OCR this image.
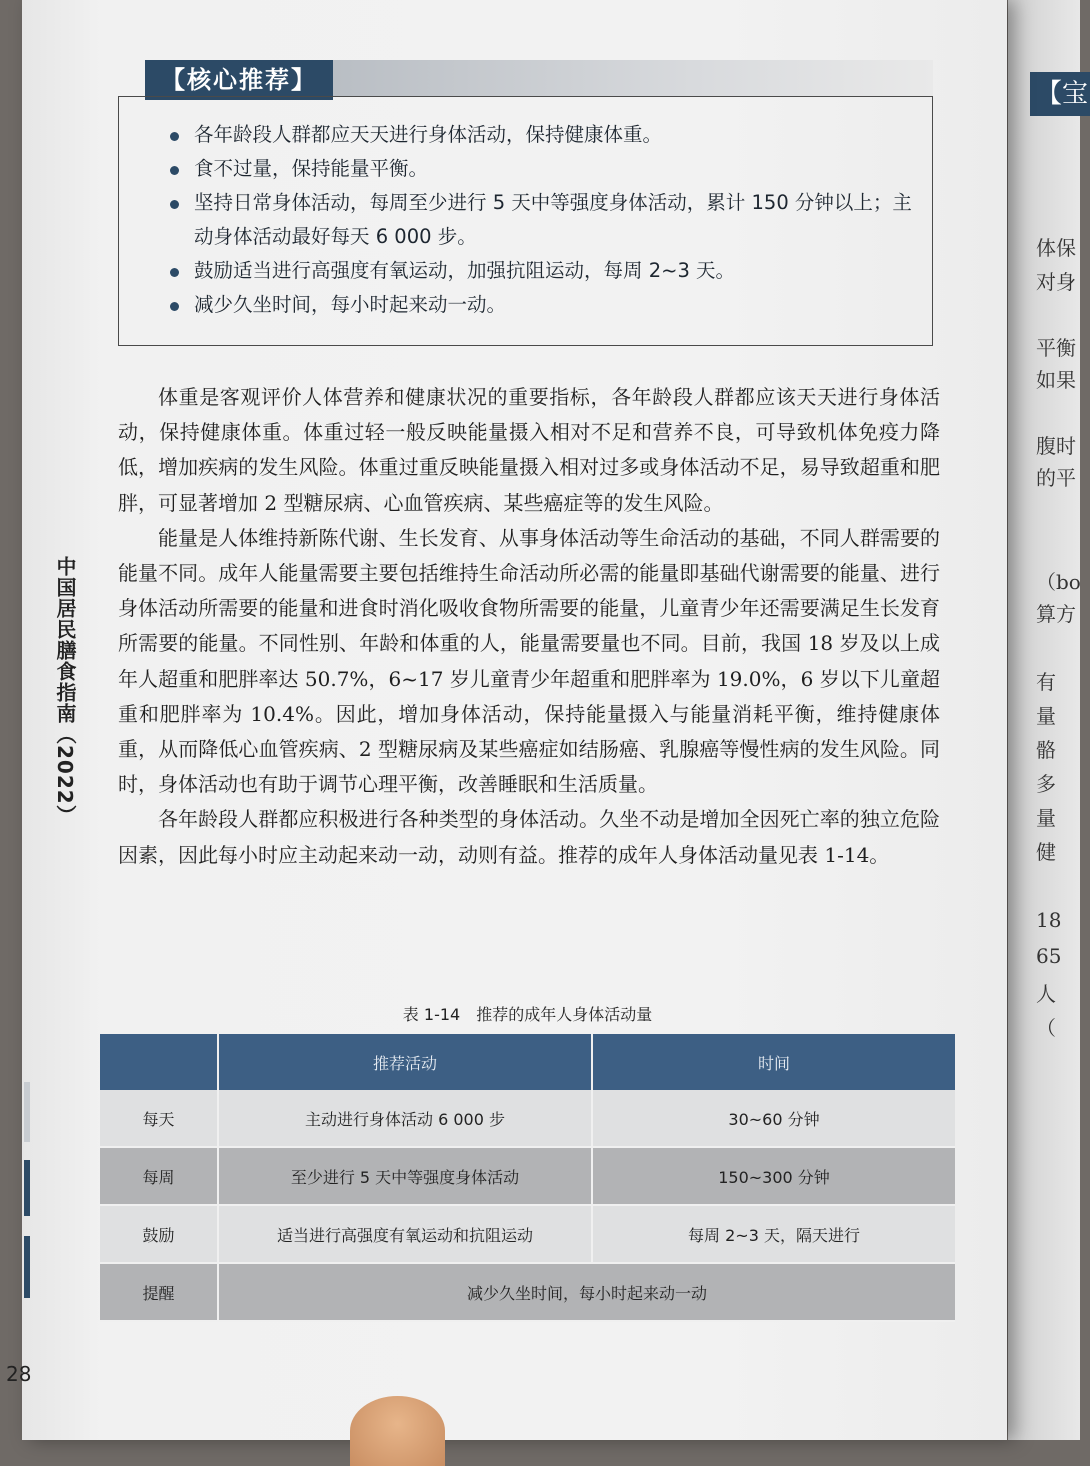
【宝
体保
对身
平衡
如果
腹时
的平
（bo
算方
有
量
骼
多
量
健
18
65
人
（
【核心推荐】
各年龄段人群都应天天进行身体活动，保持健康体重。
食不过量，保持能量平衡。
坚持日常身体活动，每周至少进行 5 天中等强度身体活动，累计 150 分钟以上；主动身体活动最好每天 6 000 步。
鼓励适当进行高强度有氧运动，加强抗阻运动，每周 2~3 天。
减少久坐时间，每小时起来动一动。

体重是客观评价人体营养和健康状况的重要指标，各年龄段人群都应该天天进行身体活动，保持健康体重。体重过轻一般反映能量摄入相对不足和营养不良，可导致机体免疫力降低，增加疾病的发生风险。体重过重反映能量摄入相对过多或身体活动不足，易导致超重和肥胖，可显著增加 2 型糖尿病、心血管疾病、某些癌症等的发生风险。

能量是人体维持新陈代谢、生长发育、从事身体活动等生命活动的基础，不同人群需要的能量不同。成年人能量需要主要包括维持生命活动所必需的能量即基础代谢需要的能量、进行身体活动所需要的能量和进食时消化吸收食物所需要的能量，儿童青少年还需要满足生长发育所需要的能量。不同性别、年龄和体重的人，能量需要量也不同。目前，我国 18 岁及以上成年人超重和肥胖率达 50.7%，6~17 岁儿童青少年超重和肥胖率为 19.0%，6 岁以下儿童超重和肥胖率为 10.4%。因此，增加身体活动，保持能量摄入与能量消耗平衡，维持健康体重，从而降低心血管疾病、2 型糖尿病及某些癌症如结肠癌、乳腺癌等慢性病的发生风险。同时，身体活动也有助于调节心理平衡，改善睡眠和生活质量。

各年龄段人群都应积极进行各种类型的身体活动。久坐不动是增加全因死亡率的独立危险因素，因此每小时应主动起来动一动，动则有益。推荐的成年人身体活动量见表 1-14。

中国居民膳食指南（2022）
表 1-14　推荐的成年人身体活动量
	推荐活动	时间
每天	主动进行身体活动 6 000 步	30~60 分钟
每周	至少进行 5 天中等强度身体活动	150~300 分钟
鼓励	适当进行高强度有氧运动和抗阻运动	每周 2~3 天，隔天进行
提醒	减少久坐时间，每小时起来动一动	
28
